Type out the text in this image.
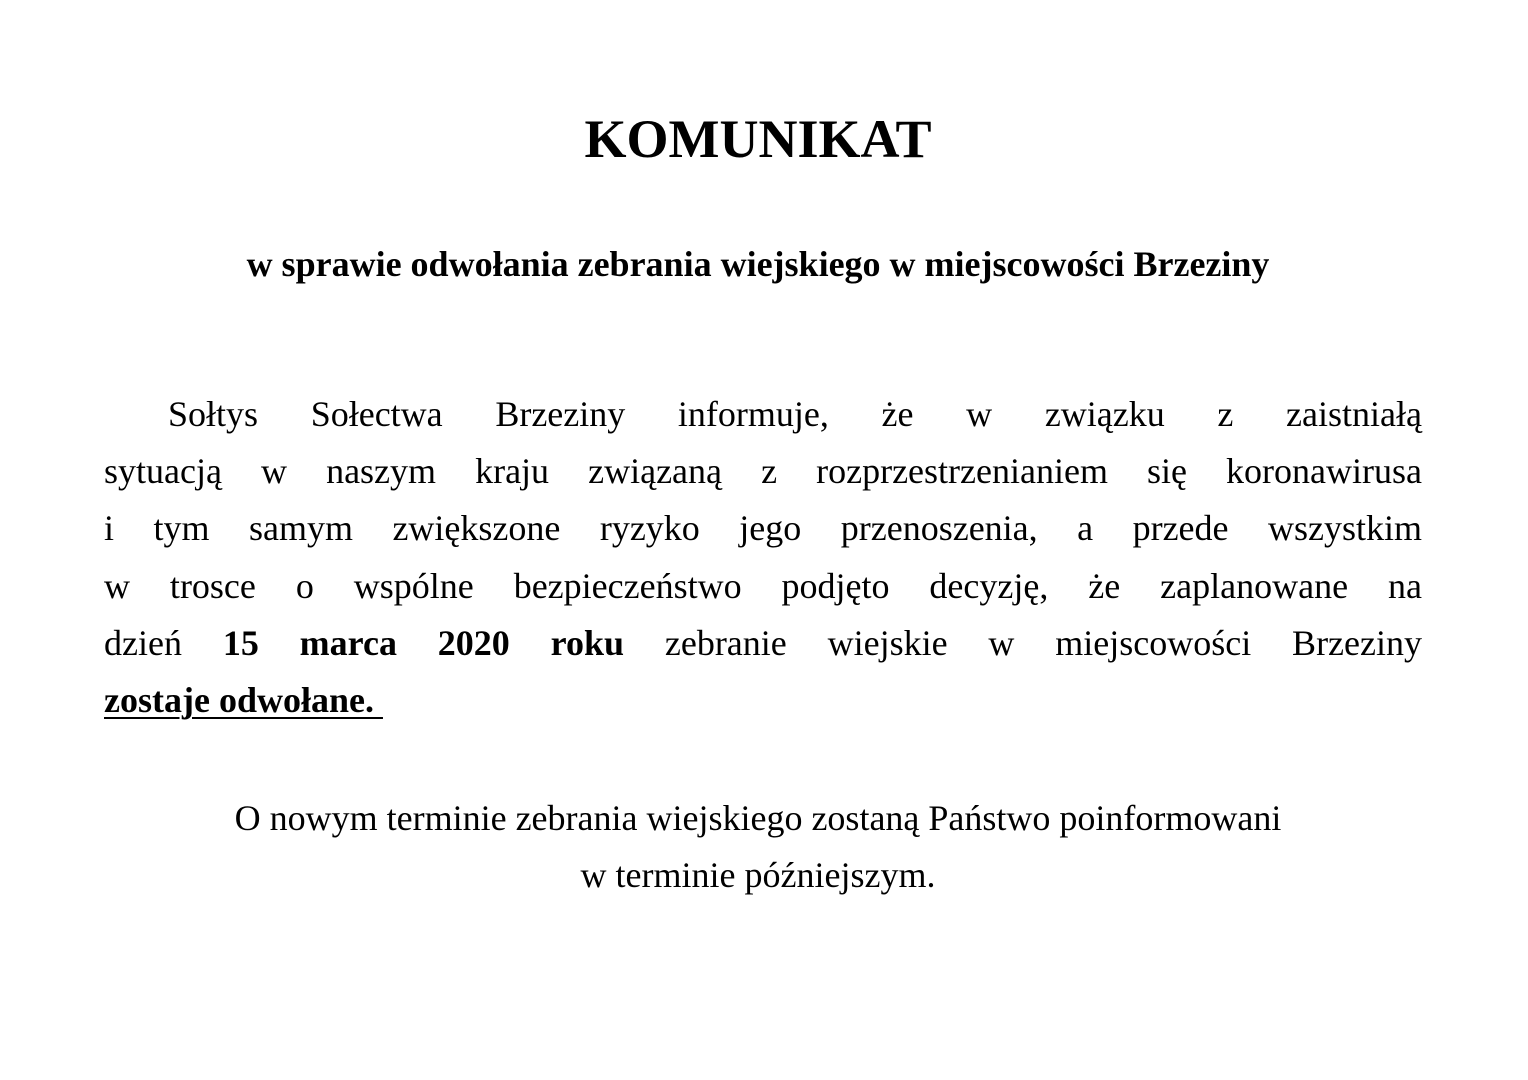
KOMUNIKAT
w sprawie odwołania zebrania wiejskiego w miejscowości Brzeziny
Sołtys Sołectwa Brzeziny informuje, że w związku z zaistniałą
sytuacją w naszym kraju związaną z rozprzestrzenianiem się koronawirusa
i tym samym zwiększone ryzyko jego przenoszenia, a przede wszystkim
w trosce o wspólne bezpieczeństwo podjęto decyzję, że zaplanowane na
dzień 15 marca 2020 roku zebranie wiejskie w miejscowości Brzeziny
zostaje odwołane.
O nowym terminie zebrania wiejskiego zostaną Państwo poinformowani
w terminie późniejszym.
